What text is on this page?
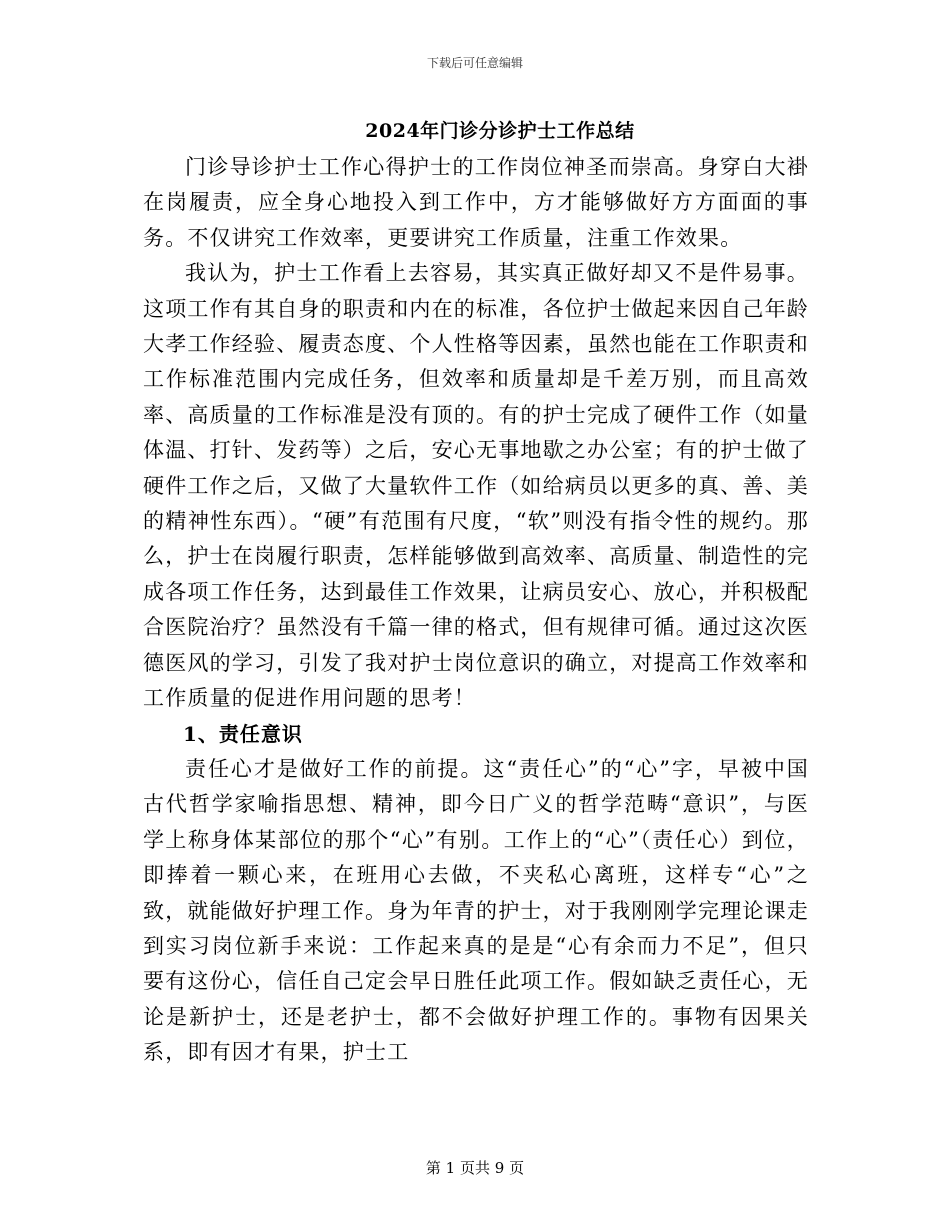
下载后可任意编辑
2024年门诊分诊护士工作总结

门诊导诊护士工作心得护士的工作岗位神圣而崇高。身穿白大褂在岗履责，应全身心地投入到工作中，方才能够做好方方面面的事务。不仅讲究工作效率，更要讲究工作质量，注重工作效果。

我认为，护士工作看上去容易，其实真正做好却又不是件易事。这项工作有其自身的职责和内在的标准，各位护士做起来因自己年龄大孝工作经验、履责态度、个人性格等因素，虽然也能在工作职责和工作标准范围内完成任务，但效率和质量却是千差万别，而且高效率、高质量的工作标准是没有顶的。有的护士完成了硬件工作（如量体温、打针、发药等）之后，安心无事地歇之办公室；有的护士做了硬件工作之后，又做了大量软件工作（如给病员以更多的真、善、美的精神性东西）。“硬”有范围有尺度，“软”则没有指令性的规约。那么，护士在岗履行职责，怎样能够做到高效率、高质量、制造性的完成各项工作任务，达到最佳工作效果，让病员安心、放心，并积极配合医院治疗？虽然没有千篇一律的格式，但有规律可循。通过这次医德医风的学习，引发了我对护士岗位意识的确立，对提高工作效率和工作质量的促进作用问题的思考！

1、责任意识

责任心才是做好工作的前提。这“责任心”的“心”字，早被中国古代哲学家喻指思想、精神，即今日广义的哲学范畴“意识”，与医学上称身体某部位的那个“心”有别。工作上的“心”（责任心）到位，即捧着一颗心来，在班用心去做，不夹私心离班，这样专“心”之致，就能做好护理工作。身为年青的护士，对于我刚刚学完理论课走到实习岗位新手来说：工作起来真的是是“心有余而力不足”，但只要有这份心，信任自己定会早日胜任此项工作。假如缺乏责任心，无论是新护士，还是老护士，都不会做好护理工作的。事物有因果关系，即有因才有果，护士工

第 1 页共 9 页
